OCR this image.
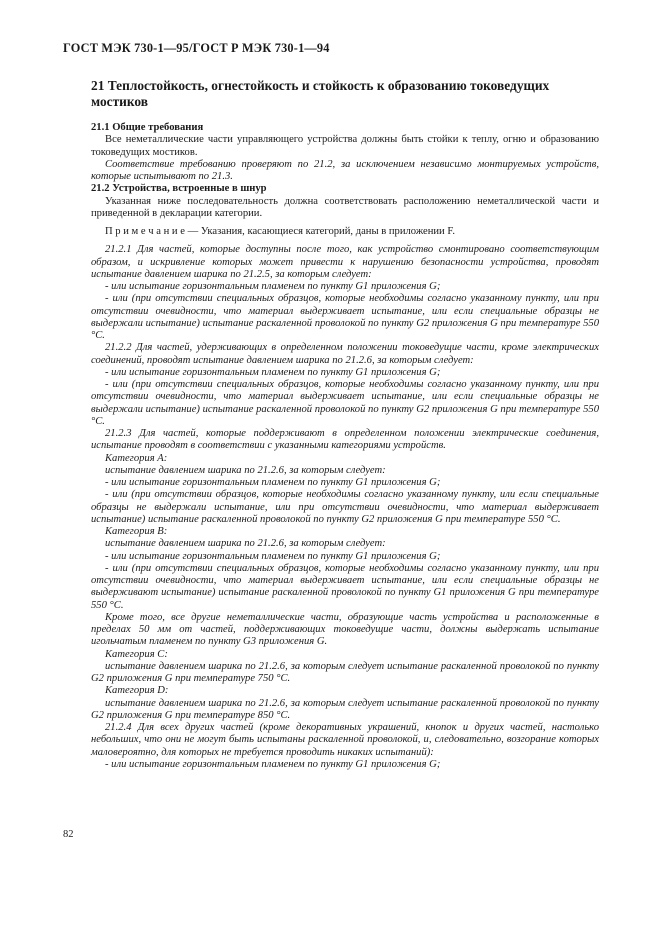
ГОСТ МЭК 730-1—95/ГОСТ Р МЭК 730-1—94
21 Теплостойкость, огнестойкость и стойкость к образованию токоведущих мостиков

21.1 Общие требования

Все неметаллические части управляющего устройства должны быть стойки к теплу, огню и образованию токоведущих мостиков.

Соответствие требованию проверяют по 21.2, за исключением независимо монтируемых устройств, которые испытывают по 21.3.

21.2 Устройства, встроенные в шнур

Указанная ниже последовательность должна соответствовать расположению неметаллической части и приведенной в декларации категории.

П р и м е ч а н и е — Указания, касающиеся категорий, даны в приложении F.

21.2.1 Для частей, которые доступны после того, как устройство смонтировано соответствующим образом, и искривление которых может привести к нарушению безопасности устройства, проводят испытание давлением шарика по 21.2.5, за которым следует:

- или испытание горизонтальным пламенем по пункту G1 приложения G;

- или (при отсутствии специальных образцов, которые необходимы согласно указанному пункту, или при отсутствии очевидности, что материал выдерживает испытание, или если специальные образцы не выдержали испытание) испытание раскаленной проволокой по пункту G2 приложения G при температуре 550 °С.

21.2.2 Для частей, удерживающих в определенном положении токоведущие части, кроме электрических соединений, проводят испытание давлением шарика по 21.2.6, за которым следует:

- или испытание горизонтальным пламенем по пункту G1 приложения G;

- или (при отсутствии специальных образцов, которые необходимы согласно указанному пункту, или при отсутствии очевидности, что материал выдерживает испытание, или если специальные образцы не выдержали испытание) испытание раскаленной проволокой по пункту G2 приложения G при температуре 550 °С.

21.2.3 Для частей, которые поддерживают в определенном положении электрические соединения, испытание проводят в соответствии с указанными категориями устройств.

Категория А:

испытание давлением шарика по 21.2.6, за которым следует:

- или испытание горизонтальным пламенем по пункту G1 приложения G;

- или (при отсутствии образцов, которые необходимы согласно указанному пункту, или если специальные образцы не выдержали испытание, или при отсутствии очевидности, что материал выдерживает испытание) испытание раскаленной проволокой по пункту G2 приложения G при температуре 550 °С.

Категория В:

испытание давлением шарика по 21.2.6, за которым следует:

- или испытание горизонтальным пламенем по пункту G1 приложения G;

- или (при отсутствии специальных образцов, которые необходимы согласно указанному пункту, или при отсутствии очевидности, что материал выдерживает испытание, или если специальные образцы не выдерживают испытание) испытание раскаленной проволокой по пункту G1 приложения G при температуре 550 °С.

Кроме того, все другие неметаллические части, образующие часть устройства и расположенные в пределах 50 мм от частей, поддерживающих токоведущие части, должны выдержать испытание игольчатым пламенем по пункту G3 приложения G.

Категория С:

испытание давлением шарика по 21.2.6, за которым следует испытание раскаленной проволокой по пункту G2 приложения G при температуре 750 °С.

Категория D:

испытание давлением шарика по 21.2.6, за которым следует испытание раскаленной проволокой по пункту G2 приложения G при температуре 850 °С.

21.2.4 Для всех других частей (кроме декоративных украшений, кнопок и других частей, настолько небольших, что они не могут быть испытаны раскаленной проволокой, и, следовательно, возгорание которых маловероятно, для которых не требуется проводить никаких испытаний):

- или испытание горизонтальным пламенем по пункту G1 приложения G;

82
